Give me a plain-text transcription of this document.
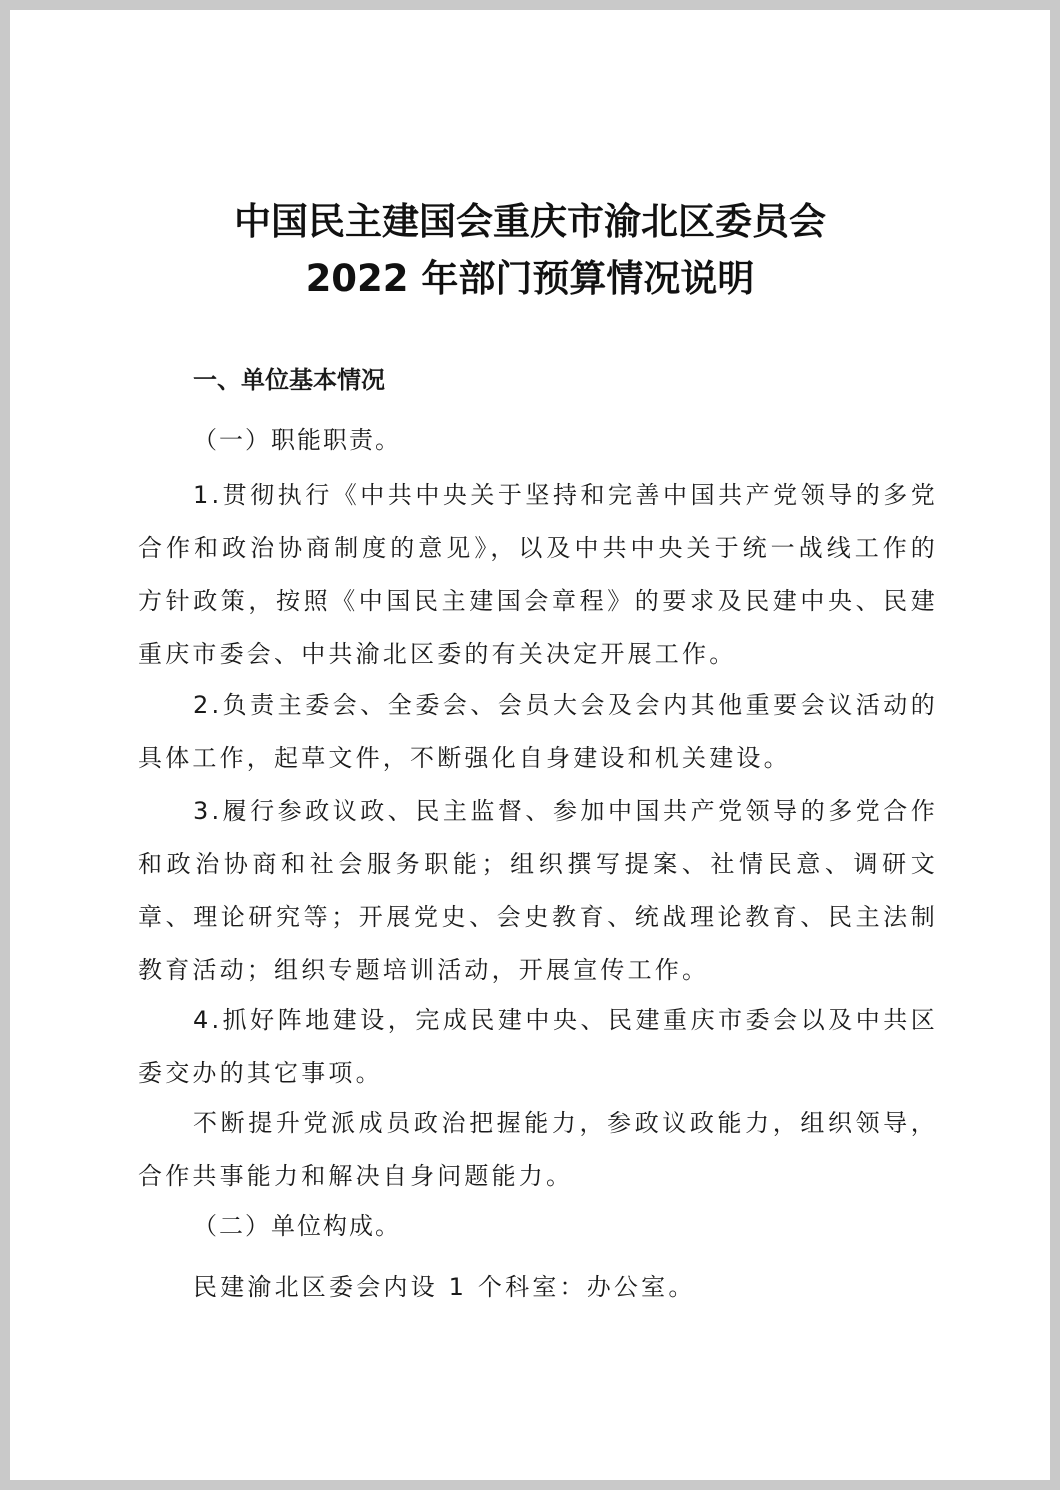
中国民主建国会重庆市渝北区委员会
2022 年部门预算情况说明
一、单位基本情况
（一）职能职责。

1.贯彻执行《中共中央关于坚持和完善中国共产党领导的多党合作和政治协商制度的意见》，以及中共中央关于统一战线工作的方针政策，按照《中国民主建国会章程》的要求及民建中央、民建重庆市委会、中共渝北区委的有关决定开展工作。

2.负责主委会、全委会、会员大会及会内其他重要会议活动的具体工作，起草文件，不断强化自身建设和机关建设。

3.履行参政议政、民主监督、参加中国共产党领导的多党合作和政治协商和社会服务职能；组织撰写提案、社情民意、调研文章、理论研究等；开展党史、会史教育、统战理论教育、民主法制教育活动；组织专题培训活动，开展宣传工作。

4.抓好阵地建设，完成民建中央、民建重庆市委会以及中共区委交办的其它事项。

不断提升党派成员政治把握能力，参政议政能力，组织领导，合作共事能力和解决自身问题能力。

（二）单位构成。

民建渝北区委会内设 1 个科室：办公室。
